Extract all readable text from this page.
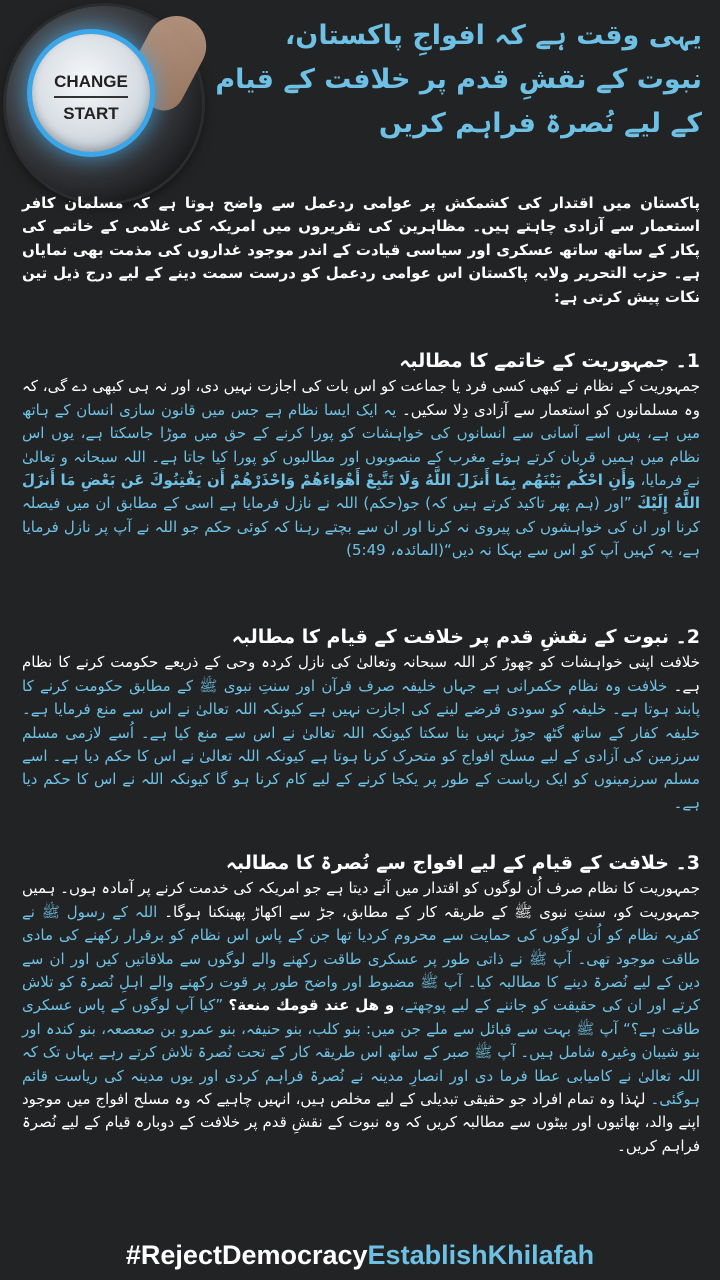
CHANGE
START
یہی وقت ہے کہ افواجِ پاکستان،
نبوت کے نقشِ قدم پر خلافت کے قیام
کے لیے نُصرۃ فراہم کریں
پاکستان میں اقتدار کی کشمکش پر عوامی ردعمل سے واضح ہوتا ہے کہ مسلمان کافر استعمار سے آزادی چاہتے ہیں۔ مظاہرین کی تقریروں میں امریکہ کی غلامی کے خاتمے کی پکار کے ساتھ ساتھ عسکری اور سیاسی قیادت کے اندر موجود غداروں کی مذمت بھی نمایاں ہے۔ حزب التحریر ولایہ پاکستان اس عوامی ردعمل کو درست سمت دینے کے لیے درج ذیل تین نکات پیش کرتی ہے:
1۔ جمہوریت کے خاتمے کا مطالبہ
جمہوریت کے نظام نے کبھی کسی فرد یا جماعت کو اس بات کی اجازت نہیں دی، اور نہ ہی کبھی دے گی، کہ وہ مسلمانوں کو استعمار سے آزادی دِلا سکیں۔ یہ ایک ایسا نظام ہے جس میں قانون سازی انسان کے ہاتھ میں ہے، پس اسے آسانی سے انسانوں کی خواہشات کو پورا کرنے کے حق میں موڑا جاسکتا ہے، یوں اس نظام میں ہمیں قربان کرتے ہوئے مغرب کے منصوبوں اور مطالبوں کو پورا کیا جاتا ہے۔ اللہ سبحانہ و تعالیٰ نے فرمایا، وَأَنِ احْكُم بَيْنَهُم بِمَا أَنزَلَ اللَّهُ وَلَا تَتَّبِعْ أَهْوَاءَهُمْ وَاحْذَرْهُمْ أَن يَفْتِنُوكَ عَن بَعْضِ مَا أَنزَلَ اللَّهُ إِلَيْكَ ”اور (ہم پھر تاکید کرتے ہیں کہ) جو(حکم) اللہ نے نازل فرمایا ہے اسی کے مطابق ان میں فیصلہ کرنا اور ان کی خواہشوں کی پیروی نہ کرنا اور ان سے بچتے رہنا کہ کوئی حکم جو اللہ نے آپ پر نازل فرمایا ہے، یہ کہیں آپ کو اس سے بہکا نہ دیں“(المائدہ، 5:49)
2۔ نبوت کے نقشِ قدم پر خلافت کے قیام کا مطالبہ
خلافت اپنی خواہشات کو چھوڑ کر اللہ سبحانہ وتعالیٰ کی نازل کردہ وحی کے ذریعے حکومت کرنے کا نظام ہے۔ خلافت وہ نظام حکمرانی ہے جہاں خلیفہ صرف قرآن اور سنتِ نبوی ﷺ کے مطابق حکومت کرنے کا پابند ہوتا ہے۔ خلیفہ کو سودی قرضے لینے کی اجازت نہیں ہے کیونکہ اللہ تعالیٰ نے اس سے منع فرمایا ہے۔ خلیفہ کفار کے ساتھ گٹھ جوڑ نہیں بنا سکتا کیونکہ اللہ تعالیٰ نے اس سے منع کیا ہے۔ اُسے لازمی مسلم سرزمین کی آزادی کے لیے مسلح افواج کو متحرک کرنا ہوتا ہے کیونکہ اللہ تعالیٰ نے اس کا حکم دیا ہے۔ اسے مسلم سرزمینوں کو ایک ریاست کے طور پر یکجا کرنے کے لیے کام کرنا ہو گا کیونکہ اللہ نے اس کا حکم دیا ہے۔
3۔ خلافت کے قیام کے لیے افواج سے نُصرۃ کا مطالبہ
جمہوریت کا نظام صرف اُن لوگوں کو اقتدار میں آنے دیتا ہے جو امریکہ کی خدمت کرنے پر آمادہ ہوں۔ ہمیں جمہوریت کو، سنتِ نبوی ﷺ کے طریقہ کار کے مطابق، جڑ سے اکھاڑ پھینکنا ہوگا۔ اللہ کے رسول ﷺ نے کفریہ نظام کو اُن لوگوں کی حمایت سے محروم کردیا تھا جن کے پاس اس نظام کو برقرار رکھنے کی مادی طاقت موجود تھی۔ آپ ﷺ نے ذاتی طور پر عسکری طاقت رکھنے والے لوگوں سے ملاقاتیں کیں اور ان سے دین کے لیے نُصرۃ دینے کا مطالبہ کیا۔ آپ ﷺ مضبوط اور واضح طور پر قوت رکھنے والے اہلِ نُصرۃ کو تلاش کرتے اور ان کی حقیقت کو جاننے کے لیے پوچھتے، و هل عند قومك منعة؟ ”کیا آپ لوگوں کے پاس عسکری طاقت ہے؟“ آپ ﷺ بہت سے قبائل سے ملے جن میں: بنو کلب، بنو حنیفہ، بنو عمرو بن صعصعہ، بنو کندہ اور بنو شیبان وغیرہ شامل ہیں۔ آپ ﷺ صبر کے ساتھ اس طریقہ کار کے تحت نُصرۃ تلاش کرتے رہے یہاں تک کہ اللہ تعالیٰ نے کامیابی عطا فرما دی اور انصارِ مدینہ نے نُصرۃ فراہم کردی اور یوں مدینہ کی ریاست قائم ہوگئی۔ لہٰذا وہ تمام افراد جو حقیقی تبدیلی کے لیے مخلص ہیں، انہیں چاہیے کہ وہ مسلح افواج میں موجود اپنے والد، بھائیوں اور بیٹوں سے مطالبہ کریں کہ وہ نبوت کے نقشِ قدم پر خلافت کے دوبارہ قیام کے لیے نُصرۃ فراہم کریں۔
#RejectDemocracyEstablishKhilafah
